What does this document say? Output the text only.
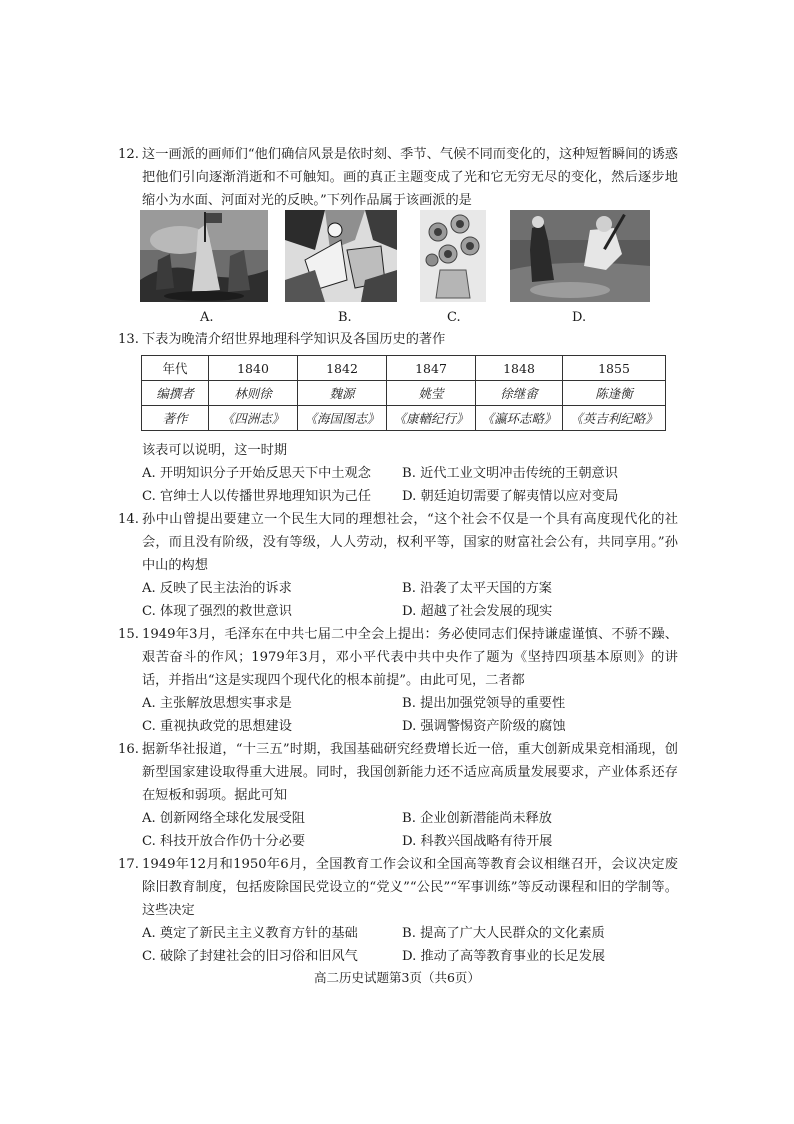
12. 这一画派的画师们“他们确信风景是依时刻、季节、气候不同而变化的，这种短暂瞬间的诱惑把他们引向逐渐消逝和不可触知。画的真正主题变成了光和它无穷无尽的变化，然后逐步地缩小为水面、河面对光的反映。”下列作品属于该画派的是
A.	B.	C.	D.
13. 下表为晚清介绍世界地理科学知识及各国历史的著作
年代	1840	1842	1847	1848	1855
编撰者	林则徐	魏源	姚莹	徐继畬	陈逢衡
著作	《四洲志》	《海国图志》	《康輶纪行》	《瀛环志略》	《英吉利纪略》
该表可以说明，这一时期
A. 开明知识分子开始反思天下中土观念	B. 近代工业文明冲击传统的王朝意识
C. 官绅士人以传播世界地理知识为己任	D. 朝廷迫切需要了解夷情以应对变局
14. 孙中山曾提出要建立一个民生大同的理想社会，“这个社会不仅是一个具有高度现代化的社会，而且没有阶级，没有等级，人人劳动，权利平等，国家的财富社会公有，共同享用。”孙中山的构想
A. 反映了民主法治的诉求	B. 沿袭了太平天国的方案
C. 体现了强烈的救世意识	D. 超越了社会发展的现实
15. 1949年3月，毛泽东在中共七届二中全会上提出：务必使同志们保持谦虚谨慎、不骄不躁、艰苦奋斗的作风；1979年3月，邓小平代表中共中央作了题为《坚持四项基本原则》的讲话，并指出“这是实现四个现代化的根本前提”。由此可见，二者都
A. 主张解放思想实事求是	B. 提出加强党领导的重要性
C. 重视执政党的思想建设	D. 强调警惕资产阶级的腐蚀
16. 据新华社报道，“十三五”时期，我国基础研究经费增长近一倍，重大创新成果竞相涌现，创新型国家建设取得重大进展。同时，我国创新能力还不适应高质量发展要求，产业体系还存在短板和弱项。据此可知
A. 创新网络全球化发展受阻	B. 企业创新潜能尚未释放
C. 科技开放合作仍十分必要	D. 科教兴国战略有待开展
17. 1949年12月和1950年6月，全国教育工作会议和全国高等教育会议相继召开，会议决定废除旧教育制度，包括废除国民党设立的“党义”“公民”“军事训练”等反动课程和旧的学制等。这些决定
A. 奠定了新民主主义教育方针的基础	B. 提高了广大人民群众的文化素质
C. 破除了封建社会的旧习俗和旧风气	D. 推动了高等教育事业的长足发展
高二历史试题第3页（共6页）
